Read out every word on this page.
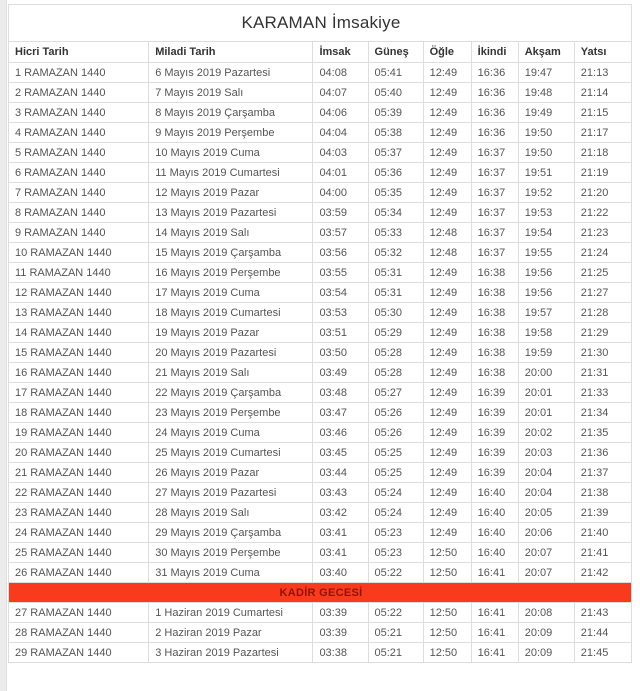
KARAMAN İmsakiye							
Hicri Tarih	Miladi Tarih	İmsak	Güneş	Öğle	İkindi	Akşam	Yatsı
1 RAMAZAN 1440	6 Mayıs 2019 Pazartesi	04:08	05:41	12:49	16:36	19:47	21:13
2 RAMAZAN 1440	7 Mayıs 2019 Salı	04:07	05:40	12:49	16:36	19:48	21:14
3 RAMAZAN 1440	8 Mayıs 2019 Çarşamba	04:06	05:39	12:49	16:36	19:49	21:15
4 RAMAZAN 1440	9 Mayıs 2019 Perşembe	04:04	05:38	12:49	16:36	19:50	21:17
5 RAMAZAN 1440	10 Mayıs 2019 Cuma	04:03	05:37	12:49	16:37	19:50	21:18
6 RAMAZAN 1440	11 Mayıs 2019 Cumartesi	04:01	05:36	12:49	16:37	19:51	21:19
7 RAMAZAN 1440	12 Mayıs 2019 Pazar	04:00	05:35	12:49	16:37	19:52	21:20
8 RAMAZAN 1440	13 Mayıs 2019 Pazartesi	03:59	05:34	12:49	16:37	19:53	21:22
9 RAMAZAN 1440	14 Mayıs 2019 Salı	03:57	05:33	12:48	16:37	19:54	21:23
10 RAMAZAN 1440	15 Mayıs 2019 Çarşamba	03:56	05:32	12:48	16:37	19:55	21:24
11 RAMAZAN 1440	16 Mayıs 2019 Perşembe	03:55	05:31	12:49	16:38	19:56	21:25
12 RAMAZAN 1440	17 Mayıs 2019 Cuma	03:54	05:31	12:49	16:38	19:56	21:27
13 RAMAZAN 1440	18 Mayıs 2019 Cumartesi	03:53	05:30	12:49	16:38	19:57	21:28
14 RAMAZAN 1440	19 Mayıs 2019 Pazar	03:51	05:29	12:49	16:38	19:58	21:29
15 RAMAZAN 1440	20 Mayıs 2019 Pazartesi	03:50	05:28	12:49	16:38	19:59	21:30
16 RAMAZAN 1440	21 Mayıs 2019 Salı	03:49	05:28	12:49	16:38	20:00	21:31
17 RAMAZAN 1440	22 Mayıs 2019 Çarşamba	03:48	05:27	12:49	16:39	20:01	21:33
18 RAMAZAN 1440	23 Mayıs 2019 Perşembe	03:47	05:26	12:49	16:39	20:01	21:34
19 RAMAZAN 1440	24 Mayıs 2019 Cuma	03:46	05:26	12:49	16:39	20:02	21:35
20 RAMAZAN 1440	25 Mayıs 2019 Cumartesi	03:45	05:25	12:49	16:39	20:03	21:36
21 RAMAZAN 1440	26 Mayıs 2019 Pazar	03:44	05:25	12:49	16:39	20:04	21:37
22 RAMAZAN 1440	27 Mayıs 2019 Pazartesi	03:43	05:24	12:49	16:40	20:04	21:38
23 RAMAZAN 1440	28 Mayıs 2019 Salı	03:42	05:24	12:49	16:40	20:05	21:39
24 RAMAZAN 1440	29 Mayıs 2019 Çarşamba	03:41	05:23	12:49	16:40	20:06	21:40
25 RAMAZAN 1440	30 Mayıs 2019 Perşembe	03:41	05:23	12:50	16:40	20:07	21:41
26 RAMAZAN 1440	31 Mayıs 2019 Cuma	03:40	05:22	12:50	16:41	20:07	21:42
KADİR GECESİ							
27 RAMAZAN 1440	1 Haziran 2019 Cumartesi	03:39	05:22	12:50	16:41	20:08	21:43
28 RAMAZAN 1440	2 Haziran 2019 Pazar	03:39	05:21	12:50	16:41	20:09	21:44
29 RAMAZAN 1440	3 Haziran 2019 Pazartesi	03:38	05:21	12:50	16:41	20:09	21:45
